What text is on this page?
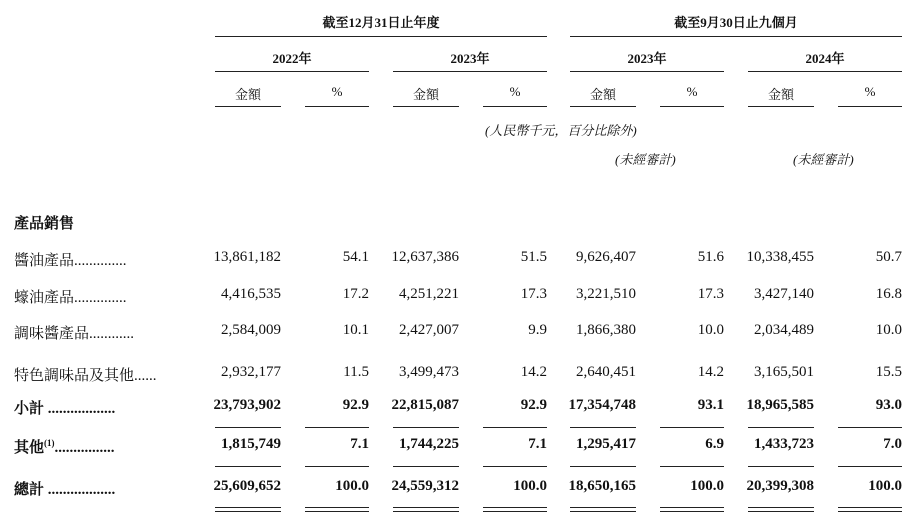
截至12月31日止年度	截至9月30日止九個月
2022年	2023年	2023年	2024年
金額	%	金額	%	金額	%	金額	%
(人民幣千元，百分比除外)
(未經審計)	(未經審計)
產品銷售
醬油產品..............	13,861,182	54.1	12,637,386	51.5	9,626,407	51.6	10,338,455	50.7
蠔油產品..............	4,416,535	17.2	4,251,221	17.3	3,221,510	17.3	3,427,140	16.8
調味醬產品............	2,584,009	10.1	2,427,007	9.9	1,866,380	10.0	2,034,489	10.0
特色調味品及其他......	2,932,177	11.5	3,499,473	14.2	2,640,451	14.2	3,165,501	15.5
小計 ..................	23,793,902	92.9	22,815,087	92.9	17,354,748	93.1	18,965,585	93.0
其他$^{(1)}$................	1,815,749	7.1	1,744,225	7.1	1,295,417	6.9	1,433,723	7.0
總計 ..................	25,609,652	100.0	24,559,312	100.0	18,650,165	100.0	20,399,308	100.0
